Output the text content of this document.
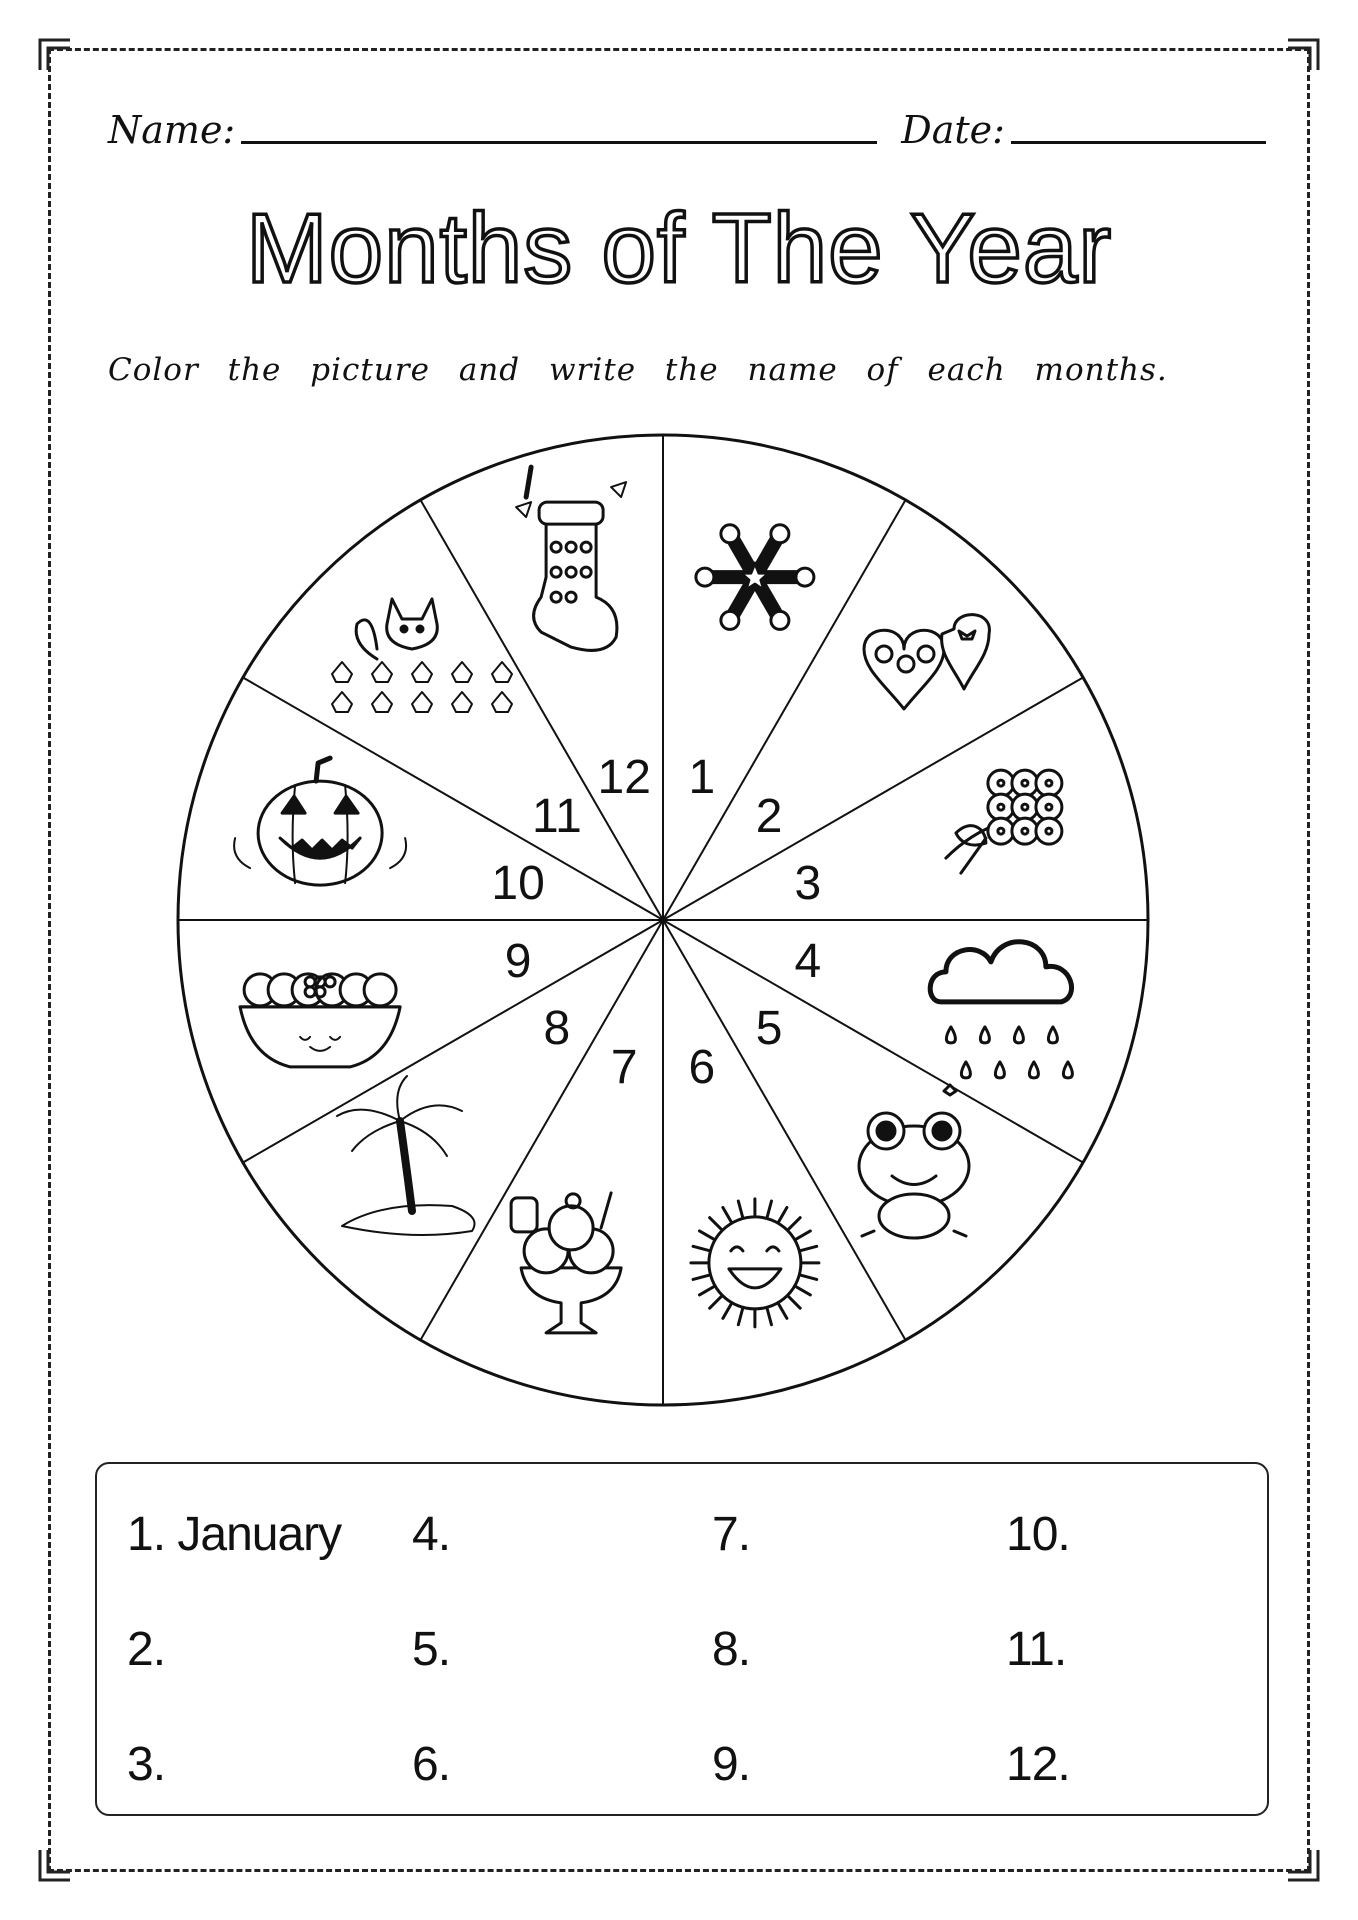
Name:	Date:
Months of The Year
Color the picture and write the name of each months.
1
2
3
4
5
6
7
8
9
10
11
12
1. January 4.	7.	10.
2.	5.	8.	11.
3.	6.	9.	12.
